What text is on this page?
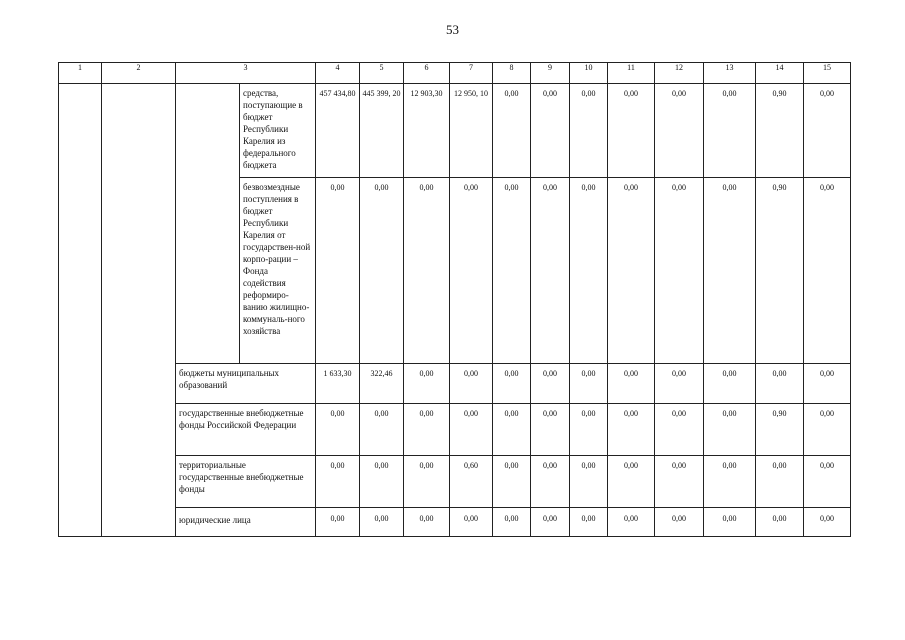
53
1	2	3		4	5	6	7	8	9	10	11	12	13	14	15
			средства, поступающие в бюджет Республики Карелия из федерального бюджета	457 434,80	445 399, 20	12 903,30	12 950, 10	0,00	0,00	0,00	0,00	0,00	0,00	0,90	0,00
			безвозмездные поступления в бюджет Республики Карелия от государствен-ной корпо-рации – Фонда содействия реформиро-ванию жилищно-коммуналь-ного хозяйства	0,00	0,00	0,00	0,00	0,00	0,00	0,00	0,00	0,00	0,00	0,90	0,00
		бюджеты муниципальных образований		1 633,30	322,46	0,00	0,00	0,00	0,00	0,00	0,00	0,00	0,00	0,00	0,00
		государственные внебюджетные фонды Российской Федерации		0,00	0,00	0,00	0,00	0,00	0,00	0,00	0,00	0,00	0,00	0,90	0,00
		территориальные государственные внебюджетные фонды		0,00	0,00	0,00	0,60	0,00	0,00	0,00	0,00	0,00	0,00	0,00	0,00
		юридические лица		0,00	0,00	0,00	0,00	0,00	0,00	0,00	0,00	0,00	0,00	0,00	0,00
